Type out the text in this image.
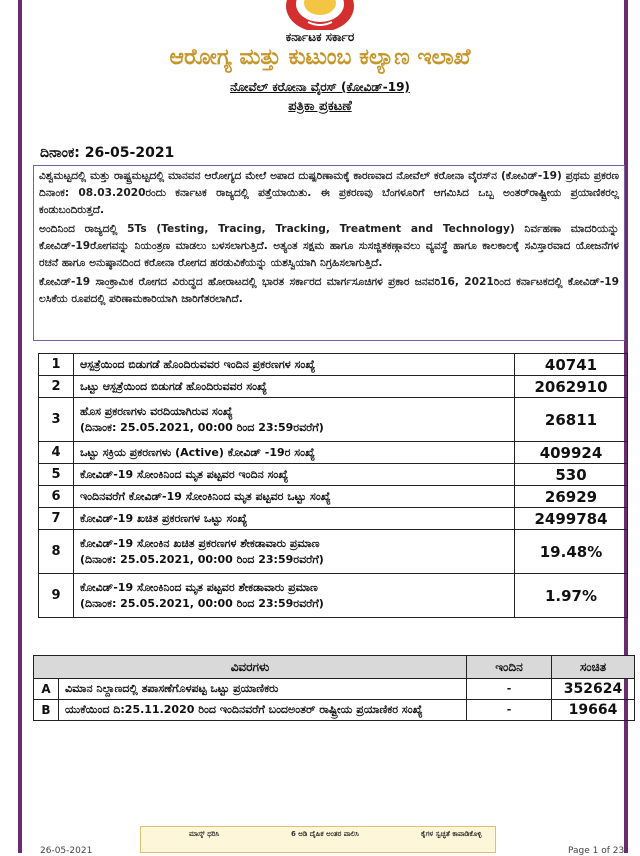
ಕರ್ನಾಟಕ ಸರ್ಕಾರ
ಆರೋಗ್ಯ ಮತ್ತು ಕುಟುಂಬ ಕಲ್ಯಾಣ ಇಲಾಖೆ
ನೋವೆಲ್ ಕರೋನಾ ವೈರಸ್ (ಕೋವಿಡ್-19)
ಪತ್ರಿಕಾ ಪ್ರಕಟಣೆ
ದಿನಾಂಕ: 26-05-2021

ವಿಶ್ವಮಟ್ಟದಲ್ಲಿ ಮತ್ತು ರಾಷ್ಟ್ರಮಟ್ಟದಲ್ಲಿ ಮಾನವನ ಆರೋಗ್ಯದ ಮೇಲೆ ಅಪಾದ ದುಷ್ಪರಿಣಾಮಕ್ಕೆ ಕಾರಣವಾದ ನೋವೆಲ್ ಕರೋನಾ ವೈರಸ್‌ನ (ಕೋವಿಡ್-19) ಪ್ರಥಮ ಪ್ರಕರಣ ದಿನಾಂಕ: 08.03.2020ರಂದು ಕರ್ನಾಟಕ ರಾಜ್ಯದಲ್ಲಿ ಪತ್ತೆಯಾಯಿತು. ಈ ಪ್ರಕರಣವು ಬೆಂಗಳೂರಿಗೆ ಆಗಮಿಸಿದ ಒಬ್ಬ ಅಂತರ್‌ರಾಷ್ಟ್ರೀಯ ಪ್ರಯಾಣಿಕರಲ್ಲ ಕಂಡುಬಂದಿರುತ್ತದೆ.

ಅಂದಿನಿಂದ ರಾಜ್ಯದಲ್ಲಿ 5Ts (Testing, Tracing, Tracking, Treatment and Technology) ನಿರ್ವಹಣಾ ಮಾದರಿಯನ್ನು ಕೋವಿಡ್-19ರೋಗವನ್ನು ನಿಯಂತ್ರಣ ಮಾಡಲು ಬಳಸಲಾಗುತ್ತಿದೆ. ಅತ್ಯಂತ ಸಕ್ಷಮ ಹಾಗೂ ಸುಸಜ್ಜಿತಕಣ್ಗಾವಲು ವ್ಯವಸ್ಥೆ ಹಾಗೂ ಕಾಲಕಾಲಕ್ಕೆ ಸವಿಸ್ತಾರವಾದ ಯೋಜನೆಗಳ ರಚನೆ ಹಾಗೂ ಅನುಷ್ಠಾನದಿಂದ ಕರೋನಾ ರೋಗದ ಹರಡುವಿಕೆಯನ್ನು ಯಶಸ್ವಿಯಾಗಿ ನಿಗ್ರಹಿಸಲಾಗುತ್ತಿದೆ.

ಕೋವಿಡ್-19 ಸಾಂಕ್ರಾಮಿಕ ರೋಗದ ವಿರುದ್ಧದ ಹೋರಾಟದಲ್ಲಿ ಭಾರತ ಸರ್ಕಾರದ ಮಾರ್ಗಸೂಚಿಗಳ ಪ್ರಕಾರ ಜನವರಿ16, 2021ರಿಂದ ಕರ್ನಾಟಕದಲ್ಲಿ ಕೋವಿಡ್-19 ಲಸಿಕೆಯ ರೂಪದಲ್ಲಿ ಪರಿಣಾಮಕಾರಿಯಾಗಿ ಜಾರಿಗೆತರಲಾಗಿದೆ.

1	ಆಸ್ಪತ್ರೆಯಿಂದ ಬಿಡುಗಡೆ ಹೊಂದಿರುವವರ ಇಂದಿನ ಪ್ರಕರಣಗಳ ಸಂಖ್ಯೆ	40741
2	ಒಟ್ಟು ಆಸ್ಪತ್ರೆಯಿಂದ ಬಿಡುಗಡೆ ಹೊಂದಿರುವವರ ಸಂಖ್ಯೆ	2062910
3	ಹೊಸ ಪ್ರಕರಣಗಳು ವರದಿಯಾಗಿರುವ ಸಂಖ್ಯೆ
(ದಿನಾಂಕ: 25.05.2021, 00:00 ರಿಂದ 23:59ರವರೆಗೆ)	26811
4	ಒಟ್ಟು ಸಕ್ರಿಯ ಪ್ರಕರಣಗಳು (Active) ಕೋವಿಡ್ -19ರ ಸಂಖ್ಯೆ	409924
5	ಕೋವಿಡ್-19 ಸೋಂಕಿನಿಂದ ಮೃತ ಪಟ್ಟವರ ಇಂದಿನ ಸಂಖ್ಯೆ	530
6	ಇಂದಿನವರೆಗೆ ಕೋವಿಡ್-19 ಸೋಂಕಿನಿಂದ ಮೃತ ಪಟ್ಟವರ ಒಟ್ಟು ಸಂಖ್ಯೆ	26929
7	ಕೋವಿಡ್-19 ಖಚಿತ ಪ್ರಕರಣಗಳ ಒಟ್ಟು ಸಂಖ್ಯೆ	2499784
8	ಕೋವಿಡ್-19 ಸೋಂಕಿನ ಖಚಿತ ಪ್ರಕರಣಗಳ ಶೇಕಡಾವಾರು ಪ್ರಮಾಣ
(ದಿನಾಂಕ: 25.05.2021, 00:00 ರಿಂದ 23:59ರವರೆಗೆ)	19.48%
9	ಕೋವಿಡ್-19 ಸೋಂಕಿನಿಂದ ಮೃತ ಪಟ್ಟವರ ಶೇಕಡಾವಾರು ಪ್ರಮಾಣ
(ದಿನಾಂಕ: 25.05.2021, 00:00 ರಿಂದ 23:59ರವರೆಗೆ)	1.97%
ವಿವರಗಳು		ಇಂದಿನ	ಸಂಚಿತ
A	ವಿಮಾನ ನಿಲ್ದಾಣದಲ್ಲಿ ತಪಾಸಣೆಗೊಳಪಟ್ಟ ಒಟ್ಟು ಪ್ರಯಾಣಿಕರು	-	352624
B	ಯುಕೆಯಿಂದ ದಿ:25.11.2020 ರಿಂದ ಇಂದಿನವರೆಗೆ ಬಂದಅಂತರ್ ರಾಷ್ಟ್ರೀಯ ಪ್ರಯಾಣಿಕರ ಸಂಖ್ಯೆ	-	19664
ಮಾಸ್ಕ್ ಧರಿಸಿ	6 ಅಡಿ ದೈಹಿಕ ಅಂತರ ಪಾಲಿಸಿ	ಕೈಗಳ ಸ್ವಚ್ಛತೆ ಕಾಪಾಡಿಕೊಳ್ಳಿ
26-05-2021	Page 1 of 23
